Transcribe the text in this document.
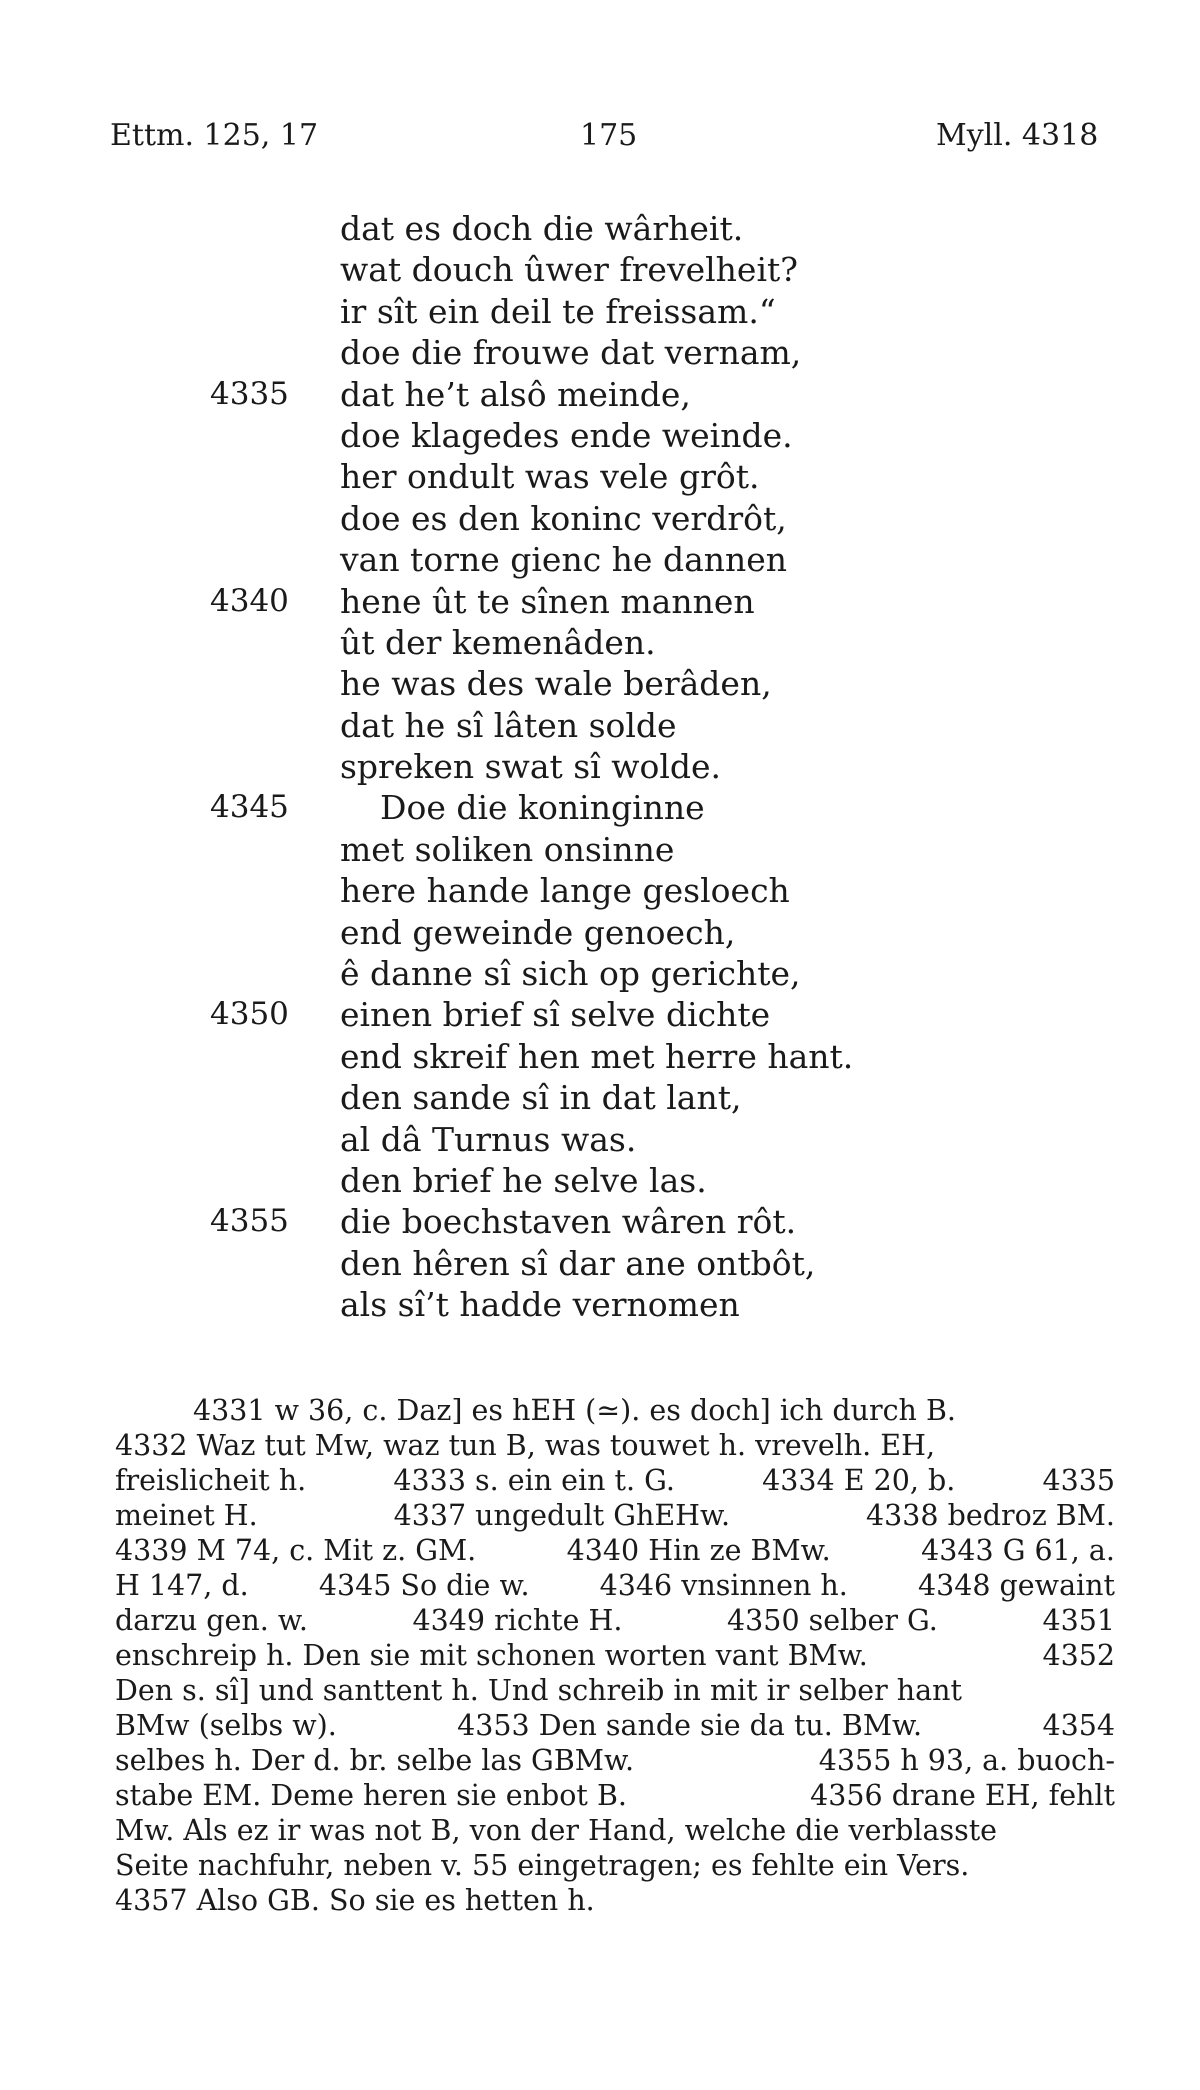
Ettm. 125, 17	175	Myll. 4318
dat es doch die wârheit.
wat douch ûwer frevelheit?
ir sît ein deil te freissam.“
doe die frouwe dat vernam,
4335 dat he’t alsô meinde,
doe klagedes ende weinde.
her ondult was vele grôt.
doe es den koninc verdrôt,
van torne gienc he dannen
4340 hene ût te sînen mannen
ût der kemenâden.
he was des wale berâden,
dat he sî lâten solde
spreken swat sî wolde.
4345	Doe die koninginne
met soliken onsinne
here hande lange gesloech
end geweinde genoech,
ê danne sî sich op gerichte,
4350 einen brief sî selve dichte
end skreif hen met herre hant.
den sande sî in dat lant,
al dâ Turnus was.
den brief he selve las.
4355 die boechstaven wâren rôt.
den hêren sî dar ane ontbôt,
als sî’t hadde vernomen
4331 w 36, c. Daz] es hEH (≃). es doch] ich durch B.
4332 Waz tut Mw, waz tun B, was touwet h. vrevelh. EH,
freislicheit h.	4333 s. ein ein t. G.	4334 E 20, b.	4335
meinet H.	4337 ungedult GhEHw.	4338 bedroz BM.
4339 M 74, c. Mit z. GM.	4340 Hin ze BMw.	4343 G 61, a.
H 147, d. 4345 So die w. 4346 vnsinnen h. 4348 gewaint
darzu gen. w.	4349 richte H.	4350 selber G.	4351
enschreip h. Den sie mit schonen worten vant BMw.	4352
Den s. sî] und santtent h. Und schreib in mit ir selber hant
BMw (selbs w).	4353 Den sande sie da tu. BMw.	4354
selbes h. Der d. br. selbe las GBMw.	4355 h 93, a. buoch-
stabe EM. Deme heren sie enbot B.	4356 drane EH, fehlt
Mw. Als ez ir was not B, von der Hand, welche die verblasste
Seite nachfuhr, neben v. 55 eingetragen; es fehlte ein Vers.
4357 Also GB. So sie es hetten h.
